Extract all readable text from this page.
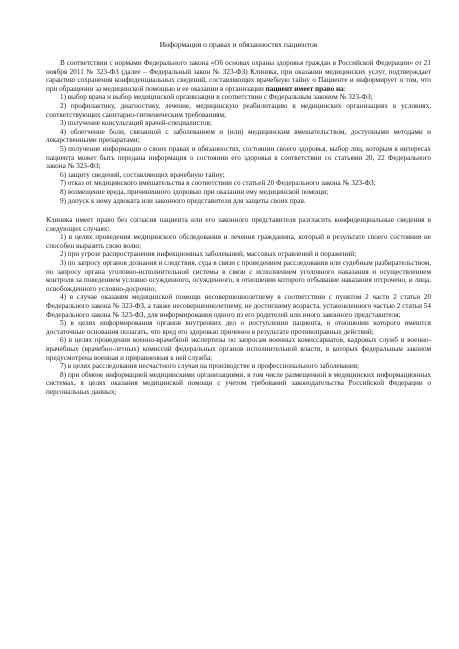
Информация о правах и обязанностях пациентов

В соответствии с нормами Федерального закона «Об основах охраны здоровья граждан в Российской Федерации» от 21 ноября 2011 № 323-ФЗ (далее – Федеральный закон № 323-ФЗ) Клиника, при оказании медицинских услуг, подтверждает гарантию сохранения конфиденциальных сведений, составляющих врачебную тайну о Пациенте и информирует о том, что при обращении за медицинской помощью и ее оказании в организации пациент имеет право на:

1) выбор врача и выбор медицинской организации в соответствии с Федеральным законом № 323-ФЗ;

2) профилактику, диагностику, лечение, медицинскую реабилитацию в медицинских организациях в условиях, соответствующих санитарно-гигиеническим требованиям;

3) получение консультаций врачей-специалистов;

4) облегчение боли, связанной с заболеванием и (или) медицинским вмешательством, доступными методами и лекарственными препаратами;

5) получение информации о своих правах и обязанностях, состоянии своего здоровья, выбор лиц, которым в интересах пациента может быть передана информация о состоянии его здоровья в соответствии со статьями 20, 22 Федерального закона № 323-ФЗ;

6) защиту сведений, составляющих врачебную тайну;

7) отказ от медицинского вмешательства в соответствии со статьей 20 Федерального закона № 323-ФЗ;

8) возмещение вреда, причиненного здоровью при оказании ему медицинской помощи;

9) допуск к нему адвоката или законного представителя для защиты своих прав.

Клиника имеет право без согласия пациента или его законного представителя разгласить конфиденциальные сведения в следующих случаях:

1) в целях проведения медицинского обследования и лечения гражданина, который в результате своего состояния не способен выразить свою волю;

2) при угрозе распространения инфекционных заболеваний, массовых отравлений и поражений;

3) по запросу органов дознания и следствия, суда в связи с проведением расследования или судебным разбирательством, по запросу органа уголовно-исполнительной системы в связи с исполнением уголовного наказания и осуществлением контроля за поведением условно осужденного, осужденного, в отношении которого отбывание наказания отсрочено, и лица, освобожденного условно-досрочно;

4) в случае оказания медицинской помощи несовершеннолетнему в соответствии с пунктом 2 части 2 статьи 20 Федерального закона № 323-ФЗ, а также несовершеннолетнему, не достигшему возраста, установленного частью 2 статьи 54 Федерального закона № 323-ФЗ, для информирования одного из его родителей или иного законного представителя;

5) в целях информирования органов внутренних дел о поступлении пациента, в отношении которого имеются достаточные основания полагать, что вред его здоровью причинен в результате противоправных действий;

6) в целях проведения военно-врачебной экспертизы по запросам военных комиссариатов, кадровых служб и военно-врачебных (врачебно-летных) комиссий федеральных органов исполнительной власти, в которых федеральным законом предусмотрена военная и приравненная к ней служба;

7) в целях расследования несчастного случая на производстве и профессионального заболевания;

8) при обмене информацией медицинскими организациями, в том числе размещенной в медицинских информационных системах, в целях оказания медицинской помощи с учетом требований законодательства Российской Федерации о персональных данных;
